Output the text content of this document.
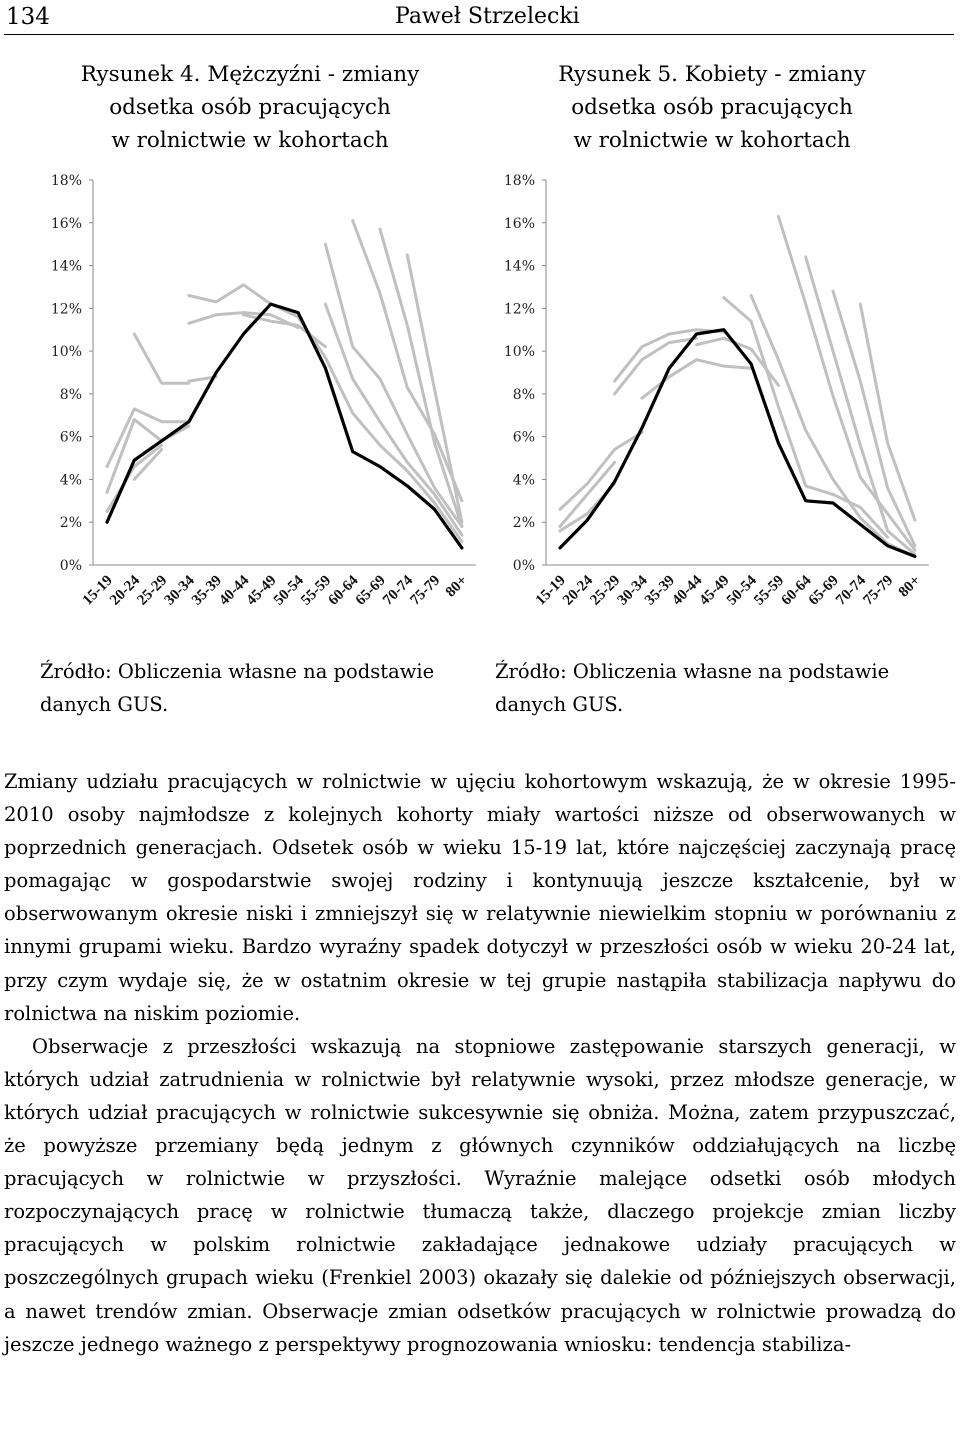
134	Paweł Strzelecki
Rysunek 4. Mężczyźni - zmiany
odsetka osób pracujących
w rolnictwie w kohortach
Rysunek 5. Kobiety - zmiany
odsetka osób pracujących
w rolnictwie w kohortach
0%
2%
4%
6%
8%
10%
12%
14%
16%
18%
15-19
20-24
25-29
30-34
35-39
40-44
45-49
50-54
55-59
60-64
65-69
70-74
75-79 80+
0%
2%
4%
6%
8%
10%
12%
14%
16%
18%
15-19
20-24
25-29
30-34
35-39
40-44
45-49
50-54
55-59
60-64
65-69
70-74
75-79 80+
Źródło: Obliczenia własne na podstawie
danych GUS.
Źródło: Obliczenia własne na podstawie
danych GUS.

Zmiany udziału pracujących w rolnictwie w ujęciu kohortowym wskazują, że w okresie 1995-2010 osoby najmłodsze z kolejnych kohorty miały wartości niższe od obserwowanych w poprzednich generacjach. Odsetek osób w wieku 15-19 lat, które najczęściej zaczynają pracę pomagając w gospodarstwie swojej rodziny i kontynuują jeszcze kształcenie, był w obserwowanym okresie niski i zmniejszył się w relatywnie niewielkim stopniu w porównaniu z innymi grupami wieku. Bardzo wyraźny spadek dotyczył w przeszłości osób w wieku 20-24 lat, przy czym wydaje się, że w ostatnim okresie w tej grupie nastąpiła stabilizacja napływu do rolnictwa na niskim poziomie.

Obserwacje z przeszłości wskazują na stopniowe zastępowanie starszych generacji, w których udział zatrudnienia w rolnictwie był relatywnie wysoki, przez młodsze generacje, w których udział pracujących w rolnictwie sukcesywnie się obniża. Można, zatem przypuszczać, że powyższe przemiany będą jednym z głównych czynników oddziałujących na liczbę pracujących w rolnictwie w przyszłości. Wyraźnie malejące odsetki osób młodych rozpoczynających pracę w rolnictwie tłumaczą także, dlaczego projekcje zmian liczby pracujących w polskim rolnictwie zakładające jednakowe udziały pracujących w poszczególnych grupach wieku (Frenkiel 2003) okazały się dalekie od późniejszych obserwacji, a nawet trendów zmian. Obserwacje zmian odsetków pracujących w rolnictwie prowadzą do jeszcze jednego ważnego z perspektywy prognozowania wniosku: tendencja stabiliza-
